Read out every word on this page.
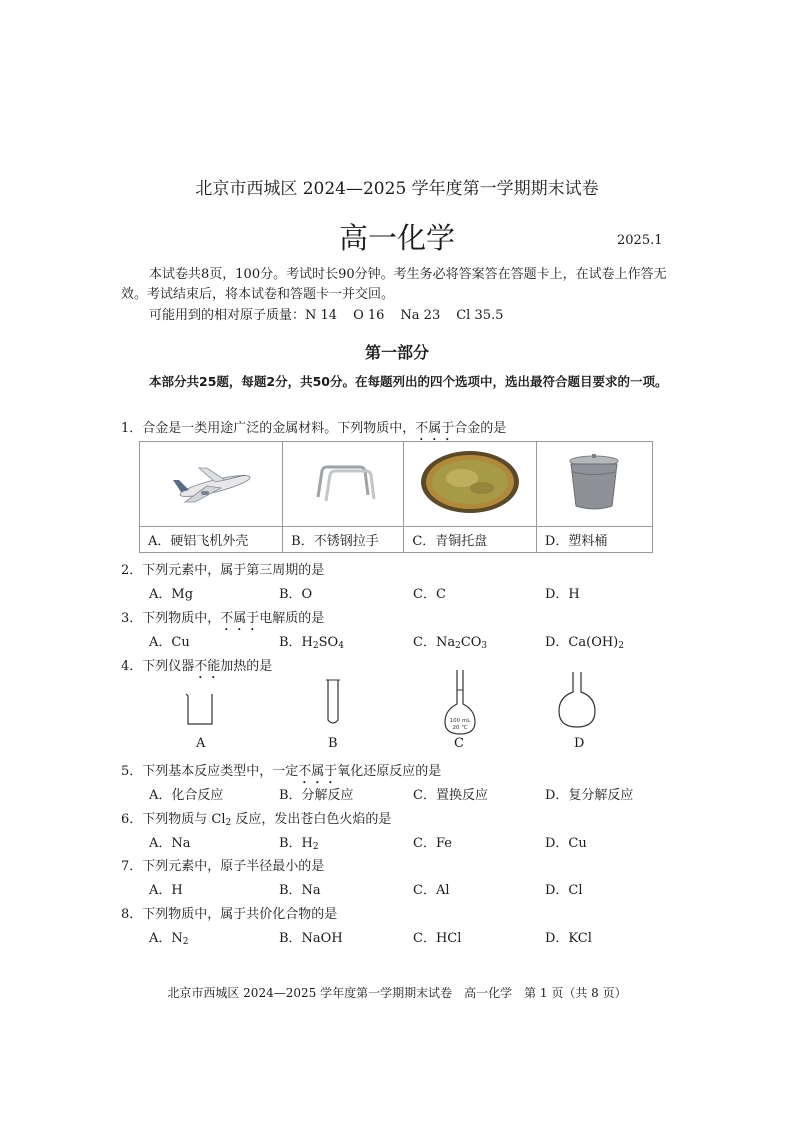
北京市西城区 2024—2025 学年度第一学期期末试卷
高一化学	2025.1
本试卷共8页，100分。考试时长90分钟。考生务必将答案答在答题卡上，在试卷上作答无效。考试结束后，将本试卷和答题卡一并交回。
可能用到的相对原子质量：N 14 O 16 Na 23 Cl 35.5
第一部分
本部分共25题，每题2分，共50分。在每题列出的四个选项中，选出最符合题目要求的一项。
1．合金是一类用途广泛的金属材料。下列物质中，不属于合金的是

A．硬铝飞机外壳	B．不锈钢拉手	C．青铜托盘	D．塑料桶
2．下列元素中，属于第三周期的是
A．Mg	B．O	C．C	D．H
3．下列物质中，不属于电解质的是
A．Cu	B．$H_2SO_4$	C．$Na_2CO_3$	D．$Ca(OH)_2$
4．下列仪器不能加热的是
100 mL
20 ℃
A	B	C	D
5．下列基本反应类型中，一定不属于氧化还原反应的是
A．化合反应	B．分解反应	C．置换反应	D．复分解反应
6．下列物质与 $Cl_2$ 反应，发出苍白色火焰的是
A．Na	B．$H_2$	C．Fe	D．Cu
7．下列元素中，原子半径最小的是
A．H	B．Na	C．Al	D．Cl
8．下列物质中，属于共价化合物的是
A．$N_2$	B．NaOH	C．HCl	D．KCl
北京市西城区 2024—2025 学年度第一学期期末试卷 高一化学 第 1 页（共 8 页）
